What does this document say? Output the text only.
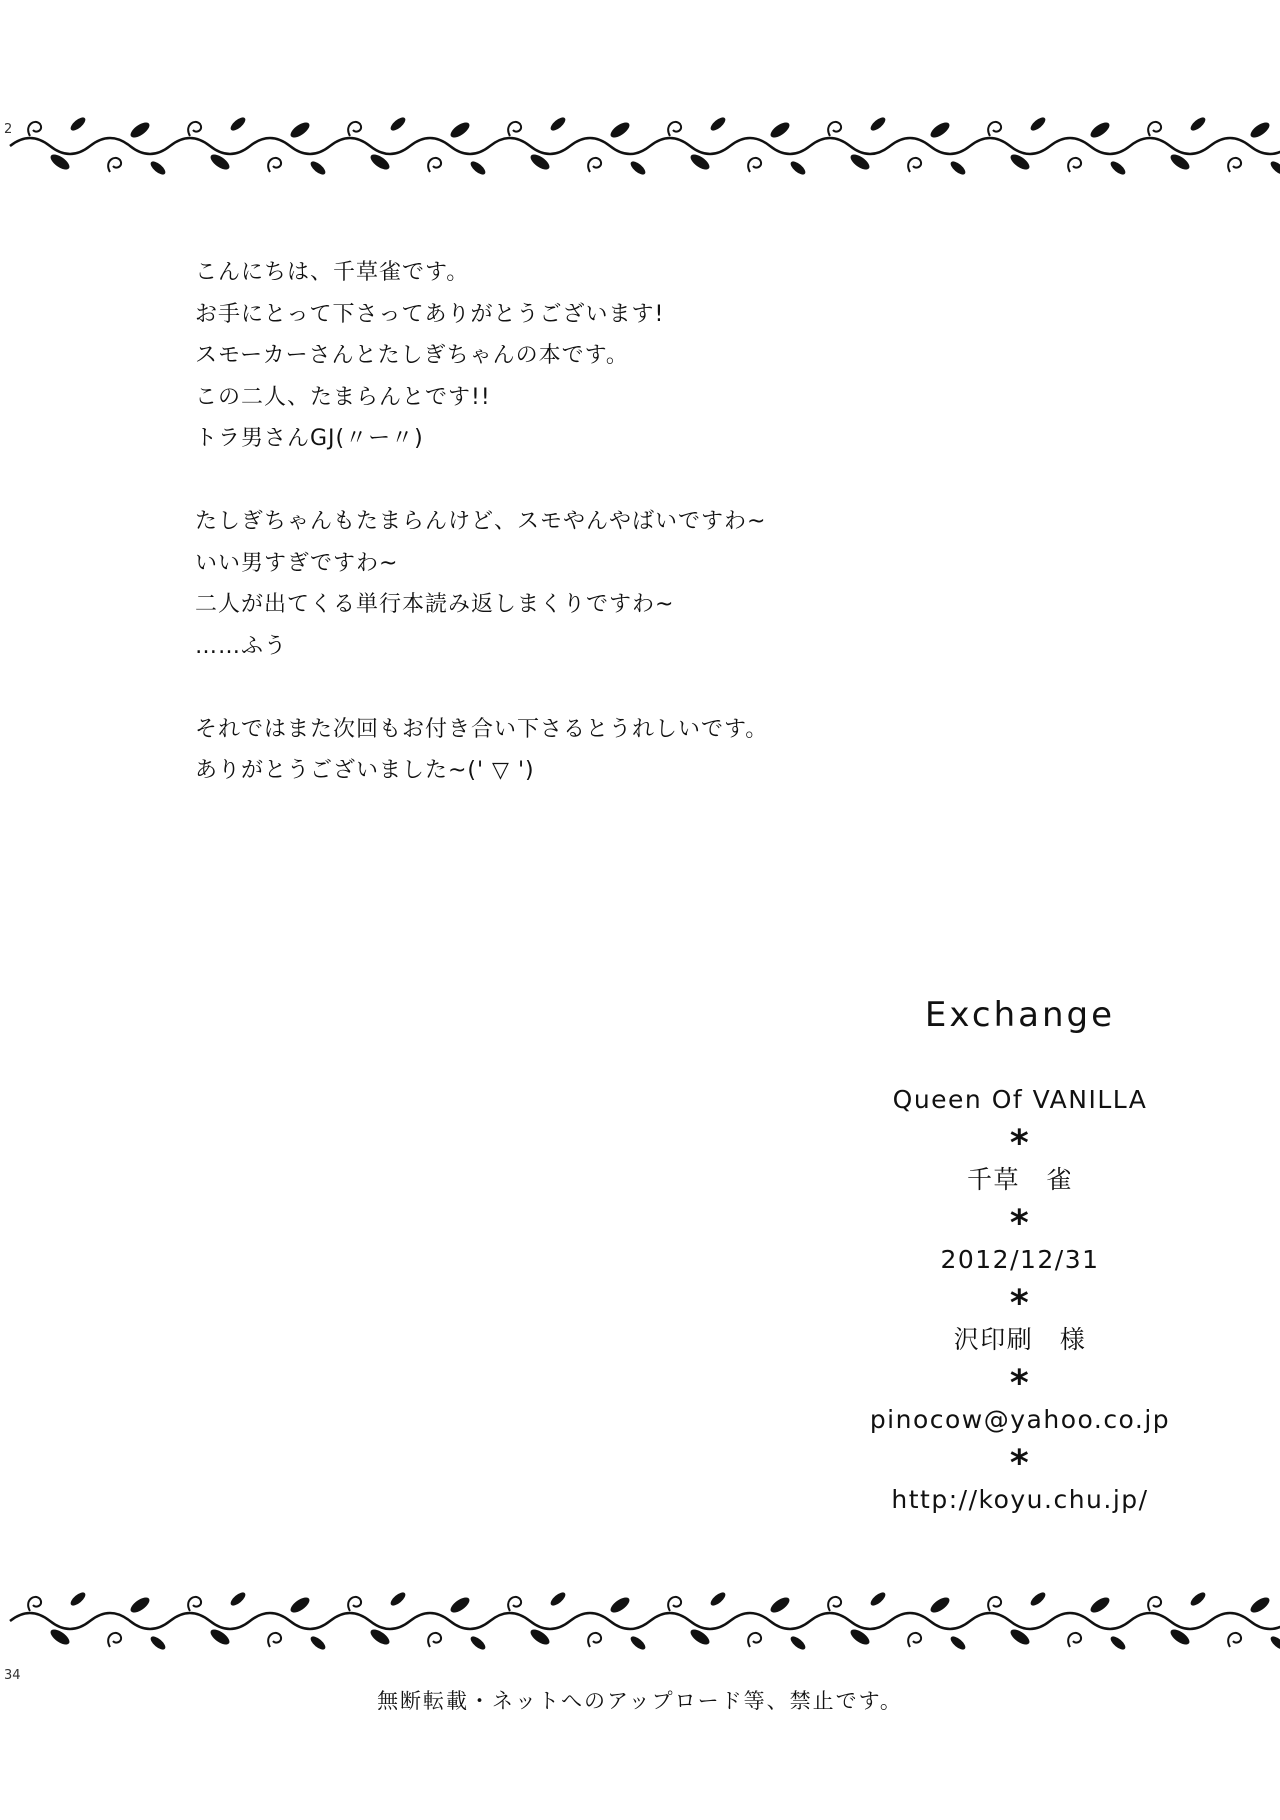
2
こんにちは、千草雀です。
お手にとって下さってありがとうございます!
スモーカーさんとたしぎちゃんの本です。
この二人、たまらんとです!!
トラ男さんGJ(〃ー〃)
たしぎちゃんもたまらんけど、スモやんやばいですわ~
いい男すぎですわ~
二人が出てくる単行本読み返しまくりですわ~
……ふう
それではまた次回もお付き合い下さるとうれしいです。
ありがとうございました~(' ▽ ')
Exchange
Queen Of VANILLA
*
千草　雀
*
2012/12/31
*
沢印刷　様
*
pinocow@yahoo.co.jp
*
http://koyu.chu.jp/
34
無断転載・ネットへのアップロード等、禁止です。
